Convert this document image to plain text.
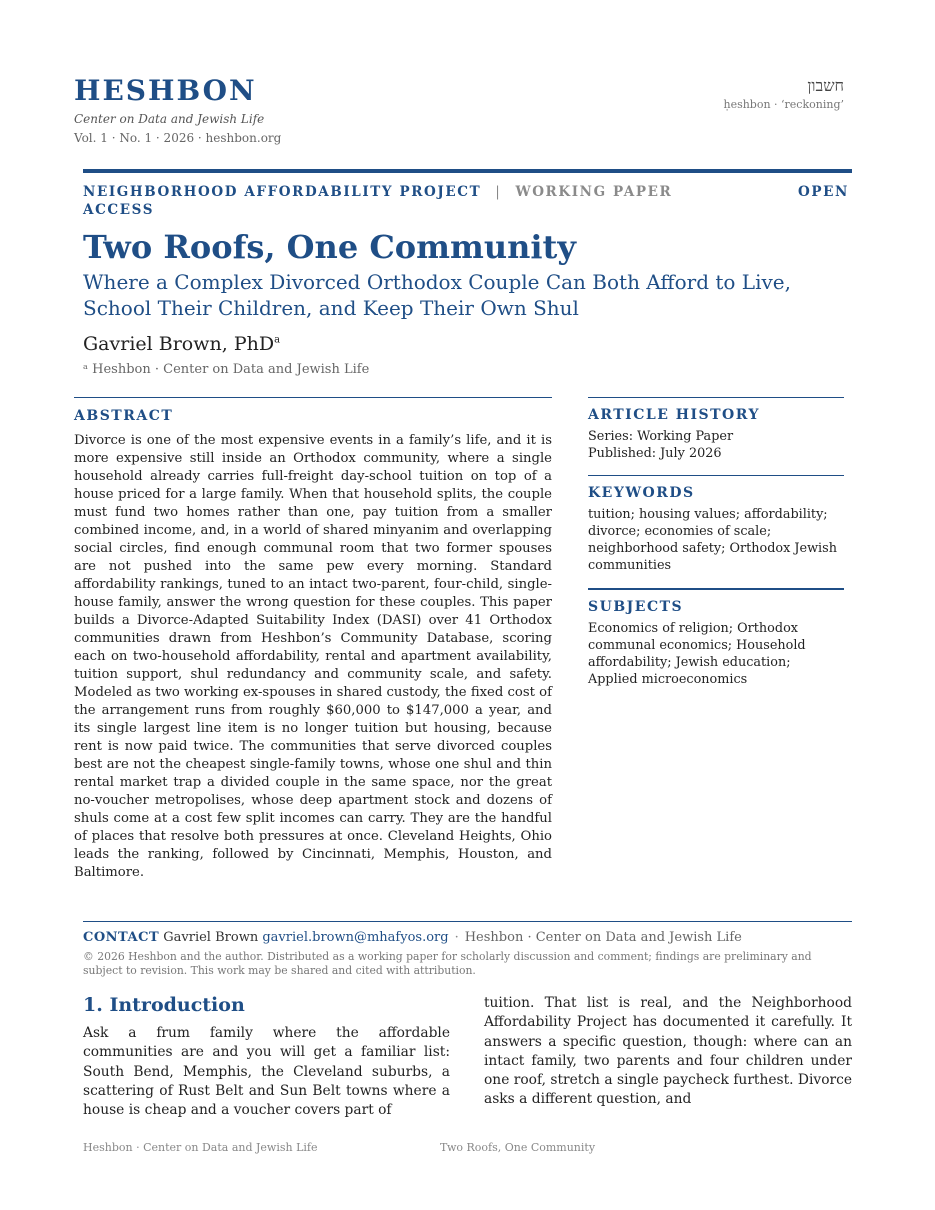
HESHBON
Center on Data and Jewish Life
Vol. 1 · No. 1 · 2026 · heshbon.org
חשבון
ḥeshbon · ‘reckoning’
NEIGHBORHOOD AFFORDABILITY PROJECT | WORKING PAPER	OPEN
ACCESS
Two Roofs, One Community
Where a Complex Divorced Orthodox Couple Can Both Afford to Live, School Their Children, and Keep Their Own Shul
Gavriel Brown, PhD$^a$
ᵃ Heshbon · Center on Data and Jewish Life
ABSTRACT
Divorce is one of the most expensive events in a family’s life, and it is more expensive still inside an Orthodox community, where a single household already carries full-freight day-school tuition on top of a house priced for a large family. When that household splits, the couple must fund two homes rather than one, pay tuition from a smaller combined income, and, in a world of shared minyanim and overlapping social circles, find enough communal room that two former spouses are not pushed into the same pew every morning. Standard affordability rankings, tuned to an intact two-parent, four-child, single-house family, answer the wrong question for these couples. This paper builds a Divorce-Adapted Suitability Index (DASI) over 41 Orthodox communities drawn from Heshbon’s Community Database, scoring each on two-household affordability, rental and apartment availability, tuition support, shul redundancy and community scale, and safety. Modeled as two working ex-spouses in shared custody, the fixed cost of the arrangement runs from roughly $60,000 to $147,000 a year, and its single largest line item is no longer tuition but housing, because rent is now paid twice. The communities that serve divorced couples best are not the cheapest single-family towns, whose one shul and thin rental market trap a divided couple in the same space, nor the great no-voucher metropolises, whose deep apartment stock and dozens of shuls come at a cost few split incomes can carry. They are the handful of places that resolve both pressures at once. Cleveland Heights, Ohio leads the ranking, followed by Cincinnati, Memphis, Houston, and Baltimore.
ARTICLE HISTORY
Series: Working Paper
Published: July 2026
KEYWORDS
tuition; housing values; affordability; divorce; economies of scale; neighborhood safety; Orthodox Jewish communities
SUBJECTS
Economics of religion; Orthodox communal economics; Household affordability; Jewish education; Applied microeconomics
CONTACT Gavriel Brown gavriel.brown@mhafyos.org · Heshbon · Center on Data and Jewish Life
© 2026 Heshbon and the author. Distributed as a working paper for scholarly discussion and comment; findings are preliminary and subject to revision. This work may be shared and cited with attribution.
1. Introduction
Ask a frum family where the affordable communities are and you will get a familiar list: South Bend, Memphis, the Cleveland suburbs, a scattering of Rust Belt and Sun Belt towns where a house is cheap and a voucher covers part of
tuition. That list is real, and the Neighborhood Affordability Project has documented it carefully. It answers a specific question, though: where can an intact family, two parents and four children under one roof, stretch a single paycheck furthest. Divorce asks a different question, and
Heshbon · Center on Data and Jewish Life	Two Roofs, One Community
